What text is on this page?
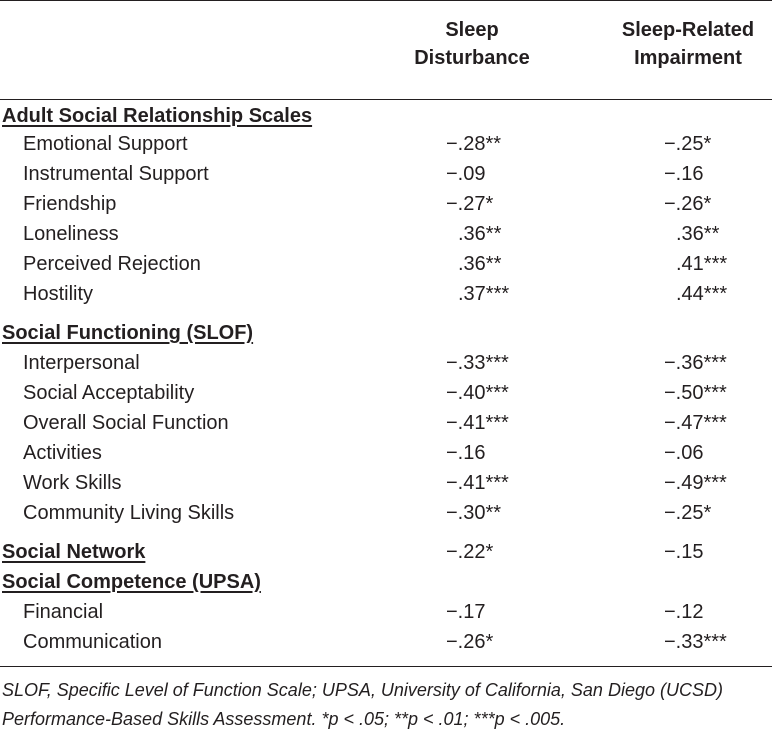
Sleep
Disturbance
Sleep-Related
Impairment
Adult Social Relationship Scales
Emotional Support	−.28**	−.25*
Instrumental Support	−.09	−.16
Friendship	−.27*	−.26*
Loneliness	.36**	.36**
Perceived Rejection	.36**	.41***
Hostility	.37***	.44***
Social Functioning (SLOF)
Interpersonal	−.33***	−.36***
Social Acceptability	−.40***	−.50***
Overall Social Function	−.41***	−.47***
Activities	−.16	−.06
Work Skills	−.41***	−.49***
Community Living Skills	−.30**	−.25*
Social Network	−.22*	−.15
Social Competence (UPSA)
Financial	−.17	−.12
Communication	−.26*	−.33***
SLOF, Specific Level of Function Scale; UPSA, University of California, San Diego (UCSD) Performance-Based Skills Assessment. *p < .05; **p < .01; ***p < .005.
